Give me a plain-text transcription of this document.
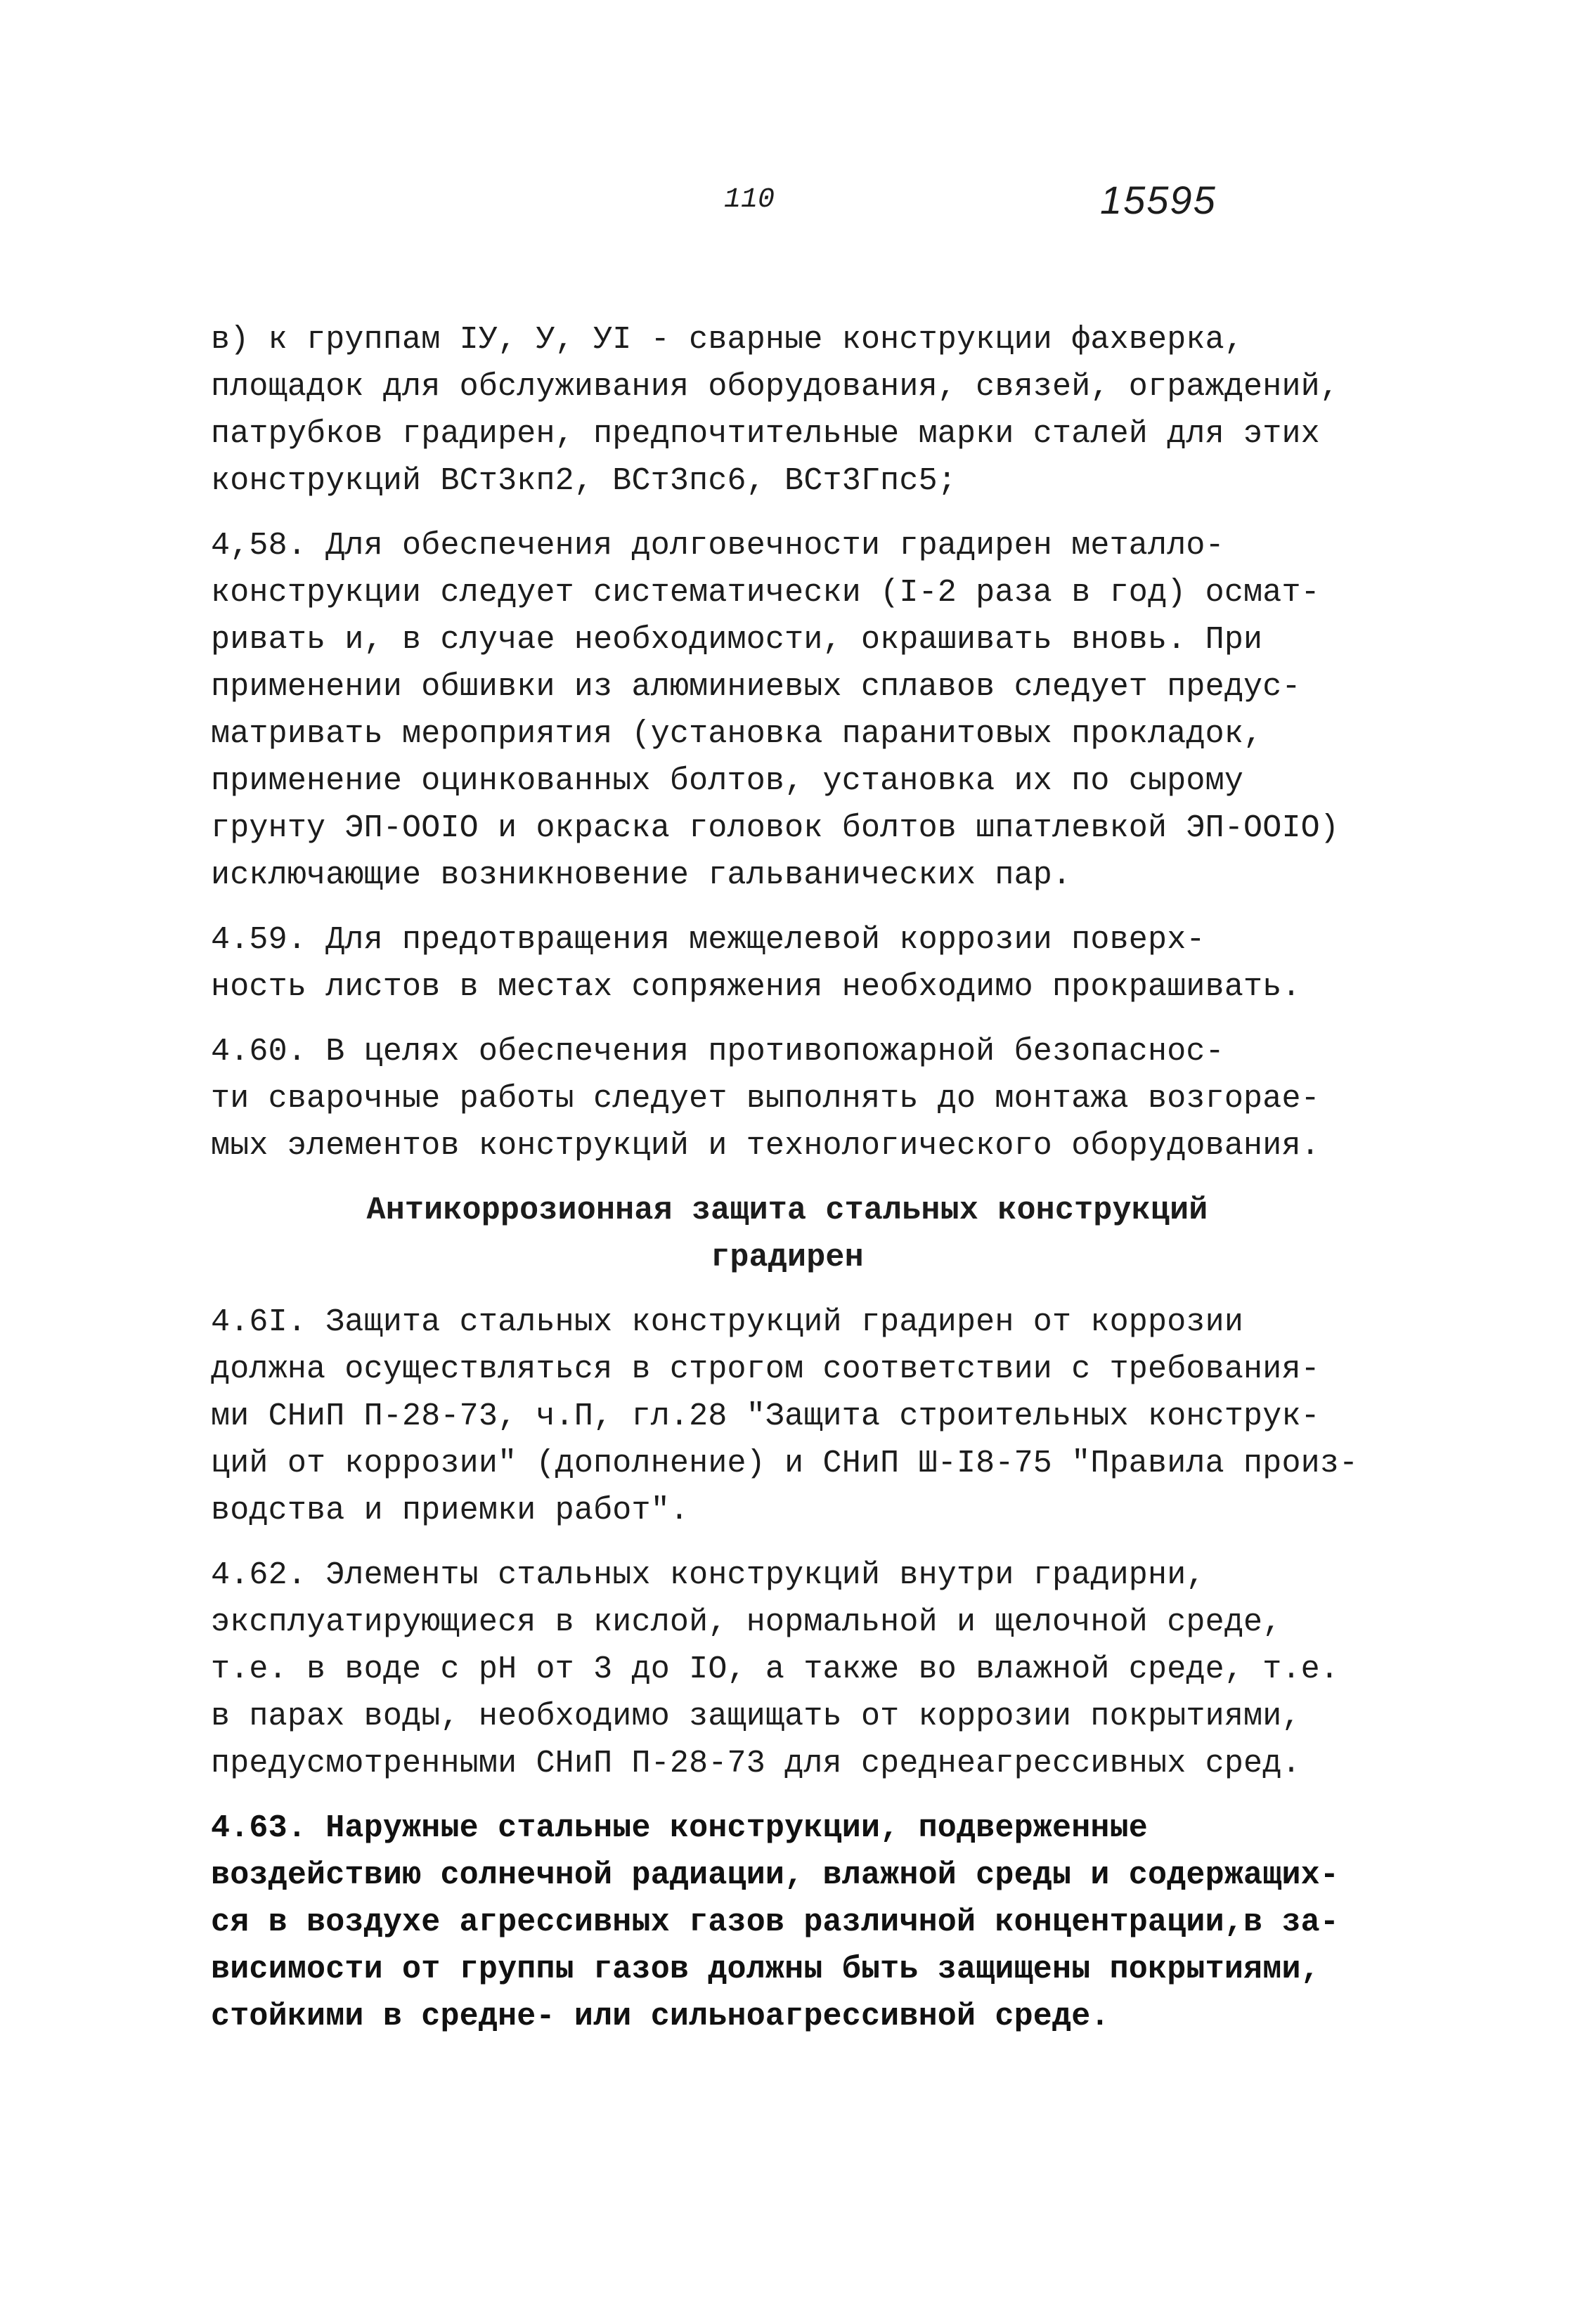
110	15595

в) к группам IУ, У, УI - сварные конструкции фахверка,
площадок для обслуживания оборудования, связей, ограждений,
патрубков градирен, предпочтительные марки сталей для этих
конструкций ВСт3кп2, ВСт3пс6, ВСт3Гпс5;

4,58. Для обеспечения долговечности градирен металло-
конструкции следует систематически (I-2 раза в год) осмат-
ривать и, в случае необходимости, окрашивать вновь. При
применении обшивки из алюминиевых сплавов следует предус-
матривать мероприятия (установка паранитовых прокладок,
применение оцинкованных болтов, установка их по сырому
грунту ЭП-ООIО и окраска головок болтов шпатлевкой ЭП-ООIО)
исключающие возникновение гальванических пар.

4.59. Для предотвращения межщелевой коррозии поверх-
ность листов в местах сопряжения необходимо прокрашивать.

4.60. В целях обеспечения противопожарной безопаснос-
ти сварочные работы следует выполнять до монтажа возгорае-
мых элементов конструкций и технологического оборудования.

Антикоррозионная защита стальных конструкций
градирен

4.6I. Защита стальных конструкций градирен от коррозии
должна осуществляться в строгом соответствии с требования-
ми СНиП П-28-73, ч.П, гл.28 "Защита строительных конструк-
ций от коррозии" (дополнение) и СНиП Ш-I8-75 "Правила произ-
водства и приемки работ".

4.62. Элементы стальных конструкций внутри градирни,
эксплуатирующиеся в кислой, нормальной и щелочной среде,
т.е. в воде с рН от 3 до IО, а также во влажной среде, т.е.
в парах воды, необходимо защищать от коррозии покрытиями,
предусмотренными СНиП П-28-73 для среднеагрессивных сред.

4.63. Наружные стальные конструкции, подверженные
воздействию солнечной радиации, влажной среды и содержащих-
ся в воздухе агрессивных газов различной концентрации,в за-
висимости от группы газов должны быть защищены покрытиями,
стойкими в средне- или сильноагрессивной среде.
